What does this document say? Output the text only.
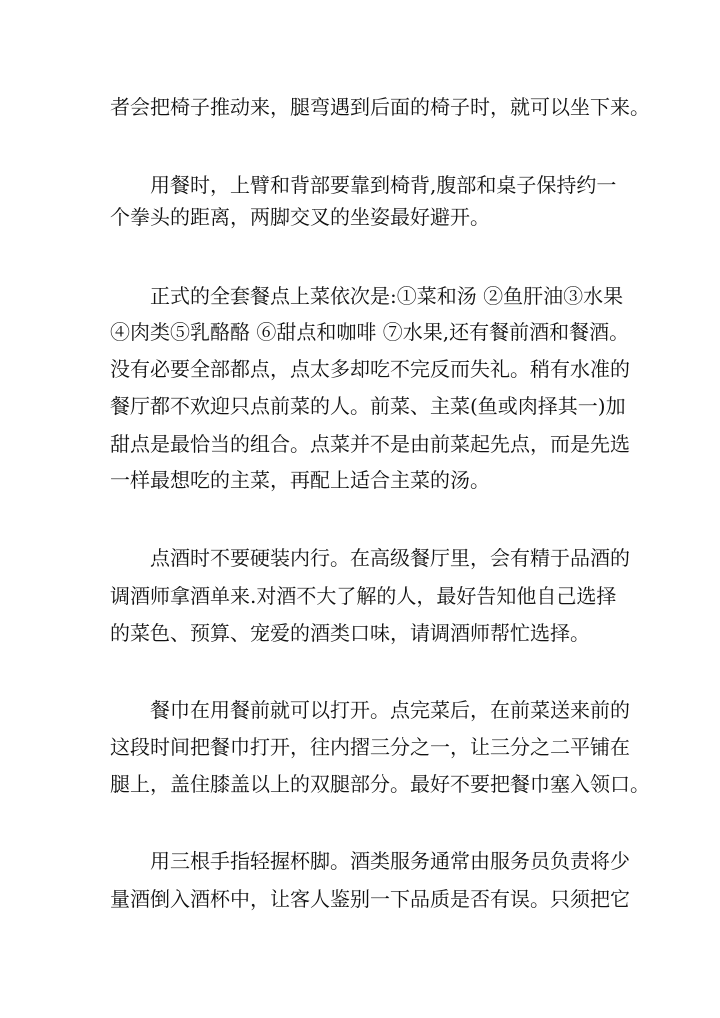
者会把椅子推动来，腿弯遇到后面的椅子时，就可以坐下来。
用餐时，上臂和背部要靠到椅背,腹部和桌子保持约一
个拳头的距离，两脚交叉的坐姿最好避开。
正式的全套餐点上菜依次是:①菜和汤 ②鱼肝油③水果
④肉类⑤乳酪酪 ⑥甜点和咖啡 ⑦水果,还有餐前酒和餐酒。
没有必要全部都点，点太多却吃不完反而失礼。稍有水准的
餐厅都不欢迎只点前菜的人。前菜、主菜(鱼或肉择其一)加
甜点是最恰当的组合。点菜并不是由前菜起先点，而是先选
一样最想吃的主菜，再配上适合主菜的汤。
点酒时不要硬装内行。在高级餐厅里，会有精于品酒的
调酒师拿酒单来.对酒不大了解的人，最好告知他自己选择
的菜色、预算、宠爱的酒类口味，请调酒师帮忙选择。
餐巾在用餐前就可以打开。点完菜后，在前菜送来前的
这段时间把餐巾打开，往内摺三分之一，让三分之二平铺在
腿上，盖住膝盖以上的双腿部分。最好不要把餐巾塞入领口。
用三根手指轻握杯脚。酒类服务通常由服务员负责将少
量酒倒入酒杯中，让客人鉴别一下品质是否有误。只须把它
